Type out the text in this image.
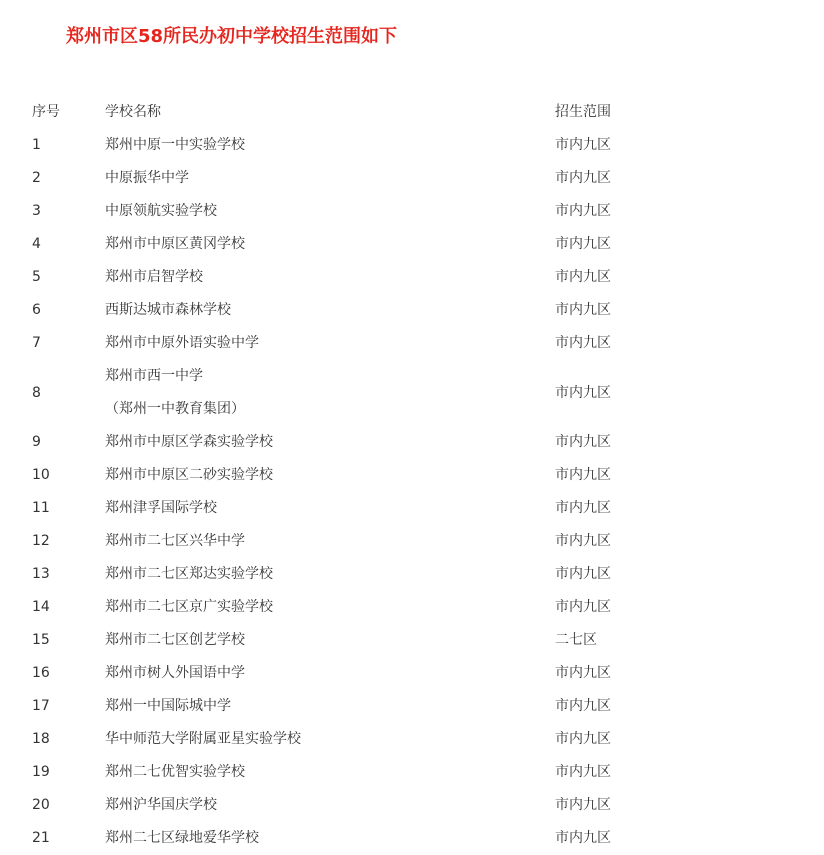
郑州市区58所民办初中学校招生范围如下
序号	学校名称	招生范围
1	郑州中原一中实验学校	市内九区
2	中原振华中学	市内九区
3	中原领航实验学校	市内九区
4	郑州市中原区黄冈学校	市内九区
5	郑州市启智学校	市内九区
6	西斯达城市森林学校	市内九区
7	郑州市中原外语实验中学	市内九区
8	郑州市西一中学
（郑州一中教育集团）	市内九区
9	郑州市中原区学森实验学校	市内九区
10	郑州市中原区二砂实验学校	市内九区
11	郑州津孚国际学校	市内九区
12	郑州市二七区兴华中学	市内九区
13	郑州市二七区郑达实验学校	市内九区
14	郑州市二七区京广实验学校	市内九区
15	郑州市二七区创艺学校	二七区
16	郑州市树人外国语中学	市内九区
17	郑州一中国际城中学	市内九区
18	华中师范大学附属亚星实验学校	市内九区
19	郑州二七优智实验学校	市内九区
20	郑州沪华国庆学校	市内九区
21	郑州二七区绿地爱华学校	市内九区
